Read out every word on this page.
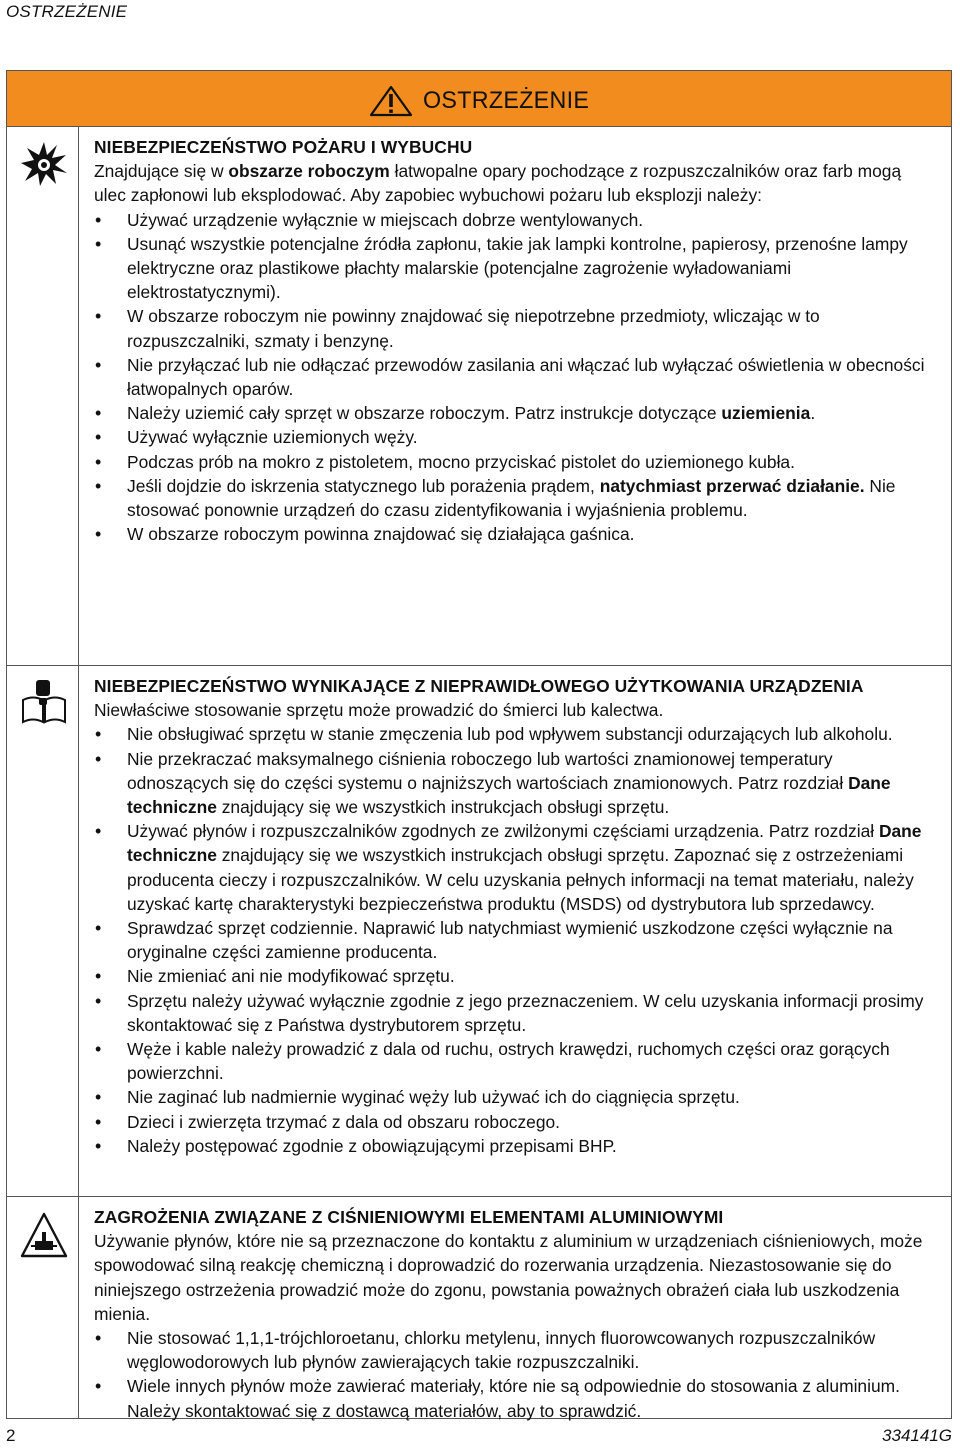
OSTRZEŻENIE
OSTRZEŻENIE
NIEBEZPIECZEŃSTWO POŻARU I WYBUCHU
Znajdujące się w obszarze roboczym łatwopalne opary pochodzące z rozpuszczalników oraz farb mogą ulec zapłonowi lub eksplodować. Aby zapobiec wybuchowi pożaru lub eksplozji należy:
• Używać urządzenie wyłącznie w miejscach dobrze wentylowanych.
• Usunąć wszystkie potencjalne źródła zapłonu, takie jak lampki kontrolne, papierosy, przenośne lampy elektryczne oraz plastikowe płachty malarskie (potencjalne zagrożenie wyładowaniami elektrostatycznymi).
• W obszarze roboczym nie powinny znajdować się niepotrzebne przedmioty, wliczając w to rozpuszczalniki, szmaty i benzynę.
• Nie przyłączać lub nie odłączać przewodów zasilania ani włączać lub wyłączać oświetlenia w obecności łatwopalnych oparów.
• Należy uziemić cały sprzęt w obszarze roboczym. Patrz instrukcje dotyczące uziemienia.
• Używać wyłącznie uziemionych węży.
• Podczas prób na mokro z pistoletem, mocno przyciskać pistolet do uziemionego kubła.
• Jeśli dojdzie do iskrzenia statycznego lub porażenia prądem, natychmiast przerwać działanie. Nie stosować ponownie urządzeń do czasu zidentyfikowania i wyjaśnienia problemu.
• W obszarze roboczym powinna znajdować się działająca gaśnica.
NIEBEZPIECZEŃSTWO WYNIKAJĄCE Z NIEPRAWIDŁOWEGO UŻYTKOWANIA URZĄDZENIA
Niewłaściwe stosowanie sprzętu może prowadzić do śmierci lub kalectwa.
• Nie obsługiwać sprzętu w stanie zmęczenia lub pod wpływem substancji odurzających lub alkoholu.
• Nie przekraczać maksymalnego ciśnienia roboczego lub wartości znamionowej temperatury odnoszących się do części systemu o najniższych wartościach znamionowych. Patrz rozdział Dane techniczne znajdujący się we wszystkich instrukcjach obsługi sprzętu.
• Używać płynów i rozpuszczalników zgodnych ze zwilżonymi częściami urządzenia. Patrz rozdział Dane techniczne znajdujący się we wszystkich instrukcjach obsługi sprzętu. Zapoznać się z ostrzeżeniami producenta cieczy i rozpuszczalników. W celu uzyskania pełnych informacji na temat materiału, należy uzyskać kartę charakterystyki bezpieczeństwa produktu (MSDS) od dystrybutora lub sprzedawcy.
• Sprawdzać sprzęt codziennie. Naprawić lub natychmiast wymienić uszkodzone części wyłącznie na oryginalne części zamienne producenta.
• Nie zmieniać ani nie modyfikować sprzętu.
• Sprzętu należy używać wyłącznie zgodnie z jego przeznaczeniem. W celu uzyskania informacji prosimy skontaktować się z Państwa dystrybutorem sprzętu.
• Węże i kable należy prowadzić z dala od ruchu, ostrych krawędzi, ruchomych części oraz gorących powierzchni.
• Nie zaginać lub nadmiernie wyginać węży lub używać ich do ciągnięcia sprzętu.
• Dzieci i zwierzęta trzymać z dala od obszaru roboczego.
• Należy postępować zgodnie z obowiązującymi przepisami BHP.
ZAGROŻENIA ZWIĄZANE Z CIŚNIENIOWYMI ELEMENTAMI ALUMINIOWYMI
Używanie płynów, które nie są przeznaczone do kontaktu z aluminium w urządzeniach ciśnieniowych, może spowodować silną reakcję chemiczną i doprowadzić do rozerwania urządzenia. Niezastosowanie się do niniejszego ostrzeżenia prowadzić może do zgonu, powstania poważnych obrażeń ciała lub uszkodzenia mienia.
• Nie stosować 1,1,1-trójchloroetanu, chlorku metylenu, innych fluorowcowanych rozpuszczalników węglowodorowych lub płynów zawierających takie rozpuszczalniki.
• Wiele innych płynów może zawierać materiały, które nie są odpowiednie do stosowania z aluminium. Należy skontaktować się z dostawcą materiałów, aby to sprawdzić.
2	334141G
